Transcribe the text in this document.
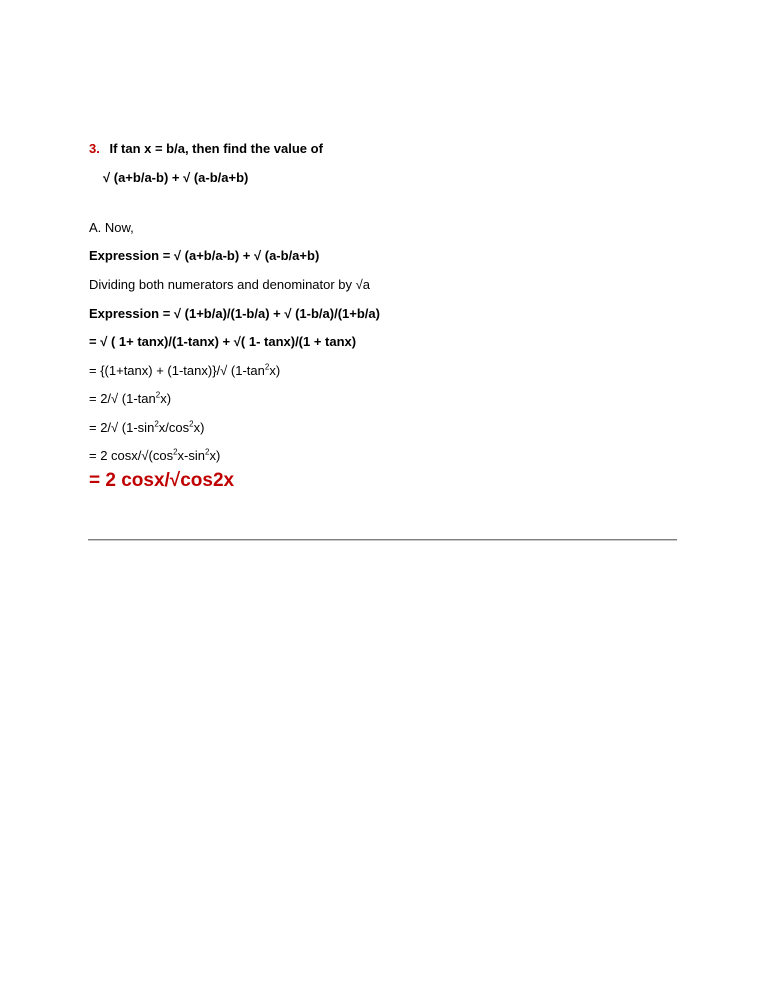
3. If tan x = b/a, then find the value of
√ (a+b/a-b) + √ (a-b/a+b)
A. Now,
Expression = √ (a+b/a-b) + √ (a-b/a+b)
Dividing both numerators and denominator by √a
Expression = √ (1+b/a)/(1-b/a) + √ (1-b/a)/(1+b/a)
= √ ( 1+ tanx)/(1-tanx) + √( 1- tanx)/(1 + tanx)
= {(1+tanx) + (1-tanx)}/√ $(1-\tan^2x)$
= 2/√ $(1-\tan^2x)$
= 2/√ $(1-\sin^2x/\cos^2x)$
= 2 cosx/$√(\cos^2x-\sin^2x)$
= 2 cosx/√cos2x
